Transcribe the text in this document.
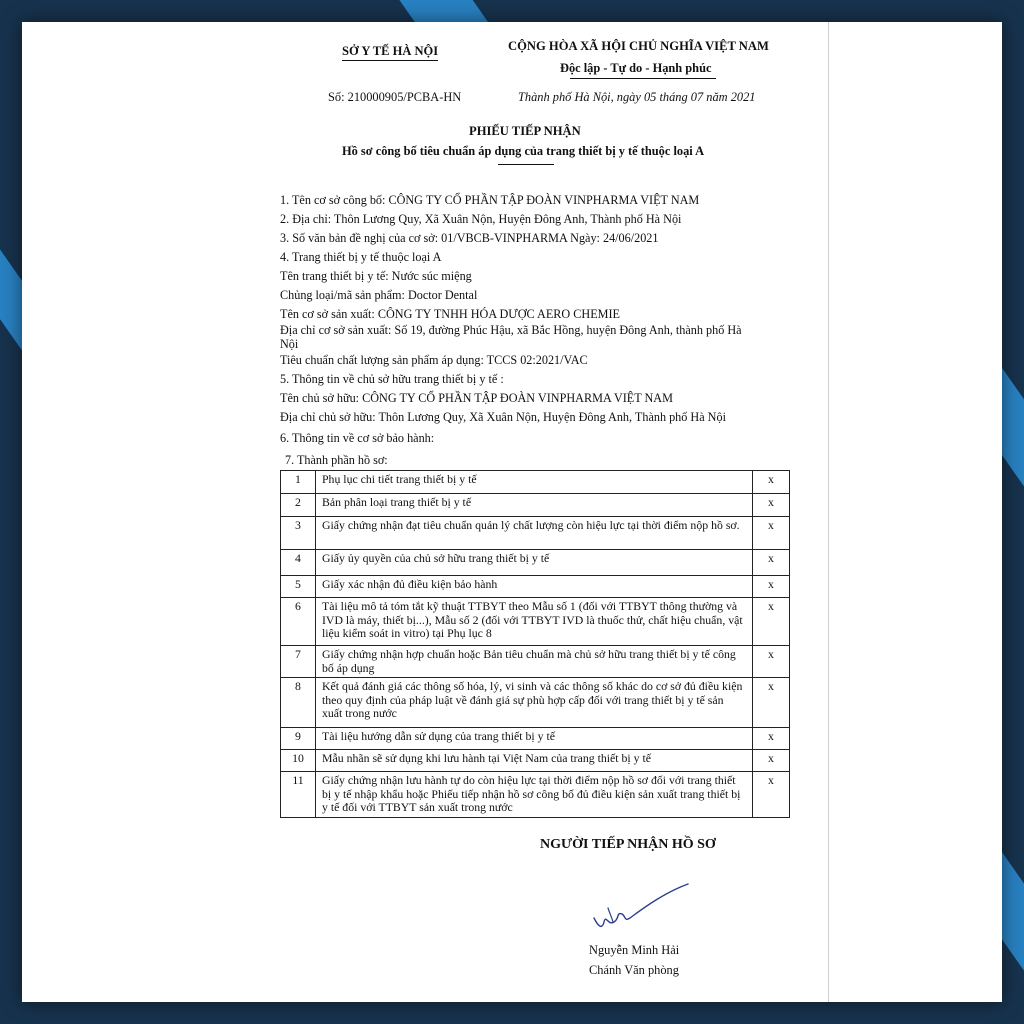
SỞ Y TẾ HÀ NỘI	CỘNG HÒA XÃ HỘI CHỦ NGHĨA VIỆT NAM
Độc lập - Tự do - Hạnh phúc
Số: 210000905/PCBA-HN	Thành phố Hà Nội, ngày 05 tháng 07 năm 2021
PHIẾU TIẾP NHẬN
Hồ sơ công bố tiêu chuẩn áp dụng của trang thiết bị y tế thuộc loại A
1. Tên cơ sở công bố: CÔNG TY CỔ PHẦN TẬP ĐOÀN VINPHARMA VIỆT NAM
2. Địa chỉ: Thôn Lương Quy, Xã Xuân Nộn, Huyện Đông Anh, Thành phố Hà Nội
3. Số văn bản đề nghị của cơ sở: 01/VBCB-VINPHARMA Ngày: 24/06/2021
4. Trang thiết bị y tế thuộc loại A
Tên trang thiết bị y tế: Nước súc miệng
Chủng loại/mã sản phẩm: Doctor Dental
Tên cơ sở sản xuất: CÔNG TY TNHH HÓA DƯỢC AERO CHEMIE
Địa chỉ cơ sở sản xuất: Số 19, đường Phúc Hậu, xã Bắc Hồng, huyện Đông Anh, thành phố Hà
Nội
Tiêu chuẩn chất lượng sản phẩm áp dụng: TCCS 02:2021/VAC
5. Thông tin về chủ sở hữu trang thiết bị y tế :
Tên chủ sở hữu: CÔNG TY CỔ PHẦN TẬP ĐOÀN VINPHARMA VIỆT NAM
Địa chỉ chủ sở hữu: Thôn Lương Quy, Xã Xuân Nộn, Huyện Đông Anh, Thành phố Hà Nội
6. Thông tin về cơ sở bảo hành:
7. Thành phần hồ sơ:
1	Phụ lục chi tiết trang thiết bị y tế	x
2	Bản phân loại trang thiết bị y tế	x
3	Giấy chứng nhận đạt tiêu chuẩn quản lý chất lượng còn hiệu lực tại thời điểm nộp hồ sơ.	x
4	Giấy ủy quyền của chủ sở hữu trang thiết bị y tế	x
5	Giấy xác nhận đủ điều kiện bảo hành	x
6	Tài liệu mô tả tóm tắt kỹ thuật TTBYT theo Mẫu số 1 (đối với TTBYT thông thường và IVD là máy, thiết bị...), Mẫu số 2 (đối với TTBYT IVD là thuốc thử, chất hiệu chuẩn, vật liệu kiểm soát in vitro) tại Phụ lục 8	x
7	Giấy chứng nhận hợp chuẩn hoặc Bản tiêu chuẩn mà chủ sở hữu trang thiết bị y tế công bố áp dụng	x
8	Kết quả đánh giá các thông số hóa, lý, vi sinh và các thông số khác do cơ sở đủ điều kiện theo quy định của pháp luật về đánh giá sự phù hợp cấp đối với trang thiết bị y tế sản xuất trong nước	x
9	Tài liệu hướng dẫn sử dụng của trang thiết bị y tế	x
10	Mẫu nhãn sẽ sử dụng khi lưu hành tại Việt Nam của trang thiết bị y tế	x
11	Giấy chứng nhận lưu hành tự do còn hiệu lực tại thời điểm nộp hồ sơ đối với trang thiết bị y tế nhập khẩu hoặc Phiếu tiếp nhận hồ sơ công bố đủ điều kiện sản xuất trang thiết bị y tế đối với TTBYT sản xuất trong nước	x
NGƯỜI TIẾP NHẬN HỒ SƠ
Nguyễn Minh Hải
Chánh Văn phòng
